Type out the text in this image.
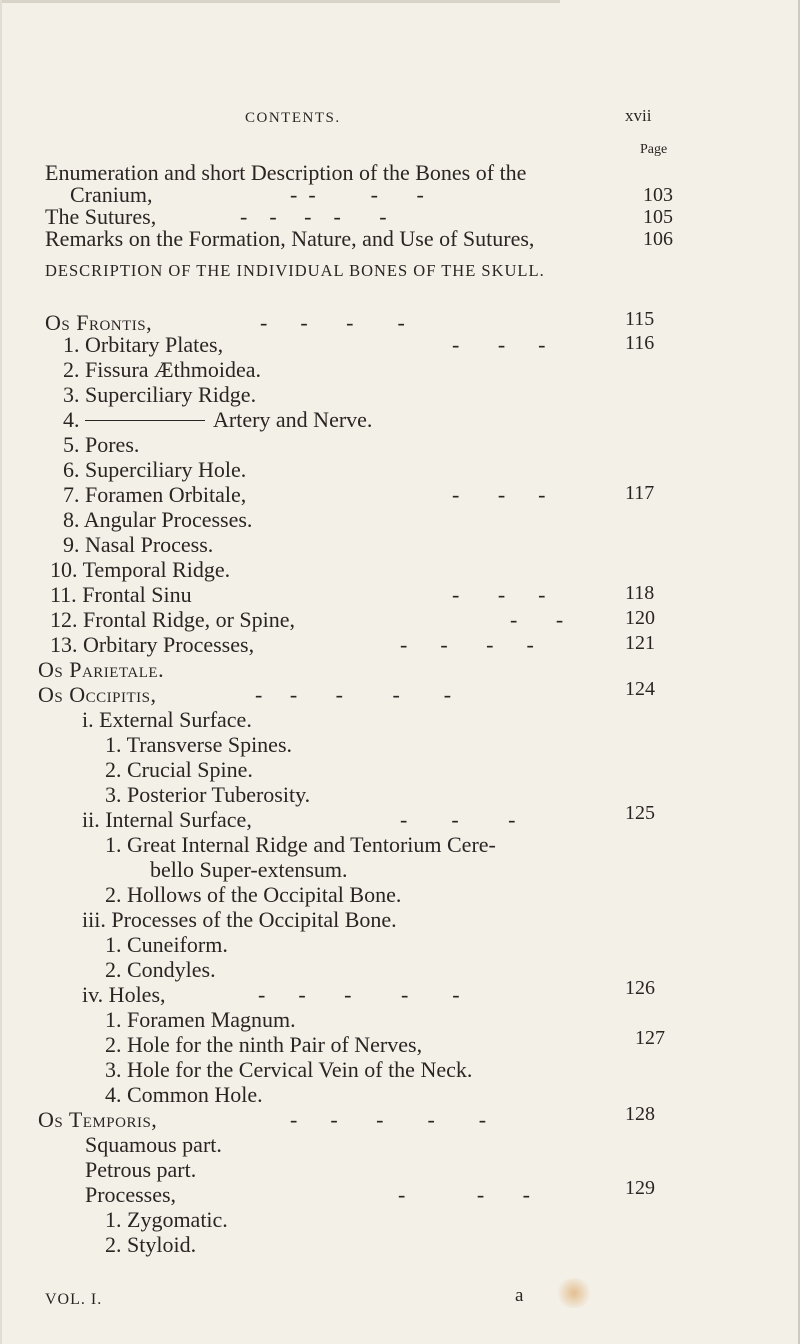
CONTENTS.	xvii
Page
Enumeration and short Description of the Bones of the
Cranium,	-  -          -       -	103
The Sutures,	-    -     -    -       -	105
Remarks on the Formation, Nature, and Use of Sutures,	106
DESCRIPTION OF THE INDIVIDUAL BONES OF THE SKULL.
Os Frontis,	-      -       -        -	115
1. Orbitary Plates,	-       -      -	116
2. Fissura Æthmoidea.
3. Superciliary Ridge.
4.	Artery and Nerve.
5. Pores.
6. Superciliary Hole.
7. Foramen Orbitale,	-       -      -	117
8. Angular Processes.
9. Nasal Process.
10. Temporal Ridge.
11. Frontal Sinu	-       -      -	118
12. Frontal Ridge, or Spine,	-       -	120
13. Orbitary Processes,	-      -       -      -	121
Os Parietale.
Os Occipitis,	-     -       -         -        -	124
i. External Surface.
1. Transverse Spines.
2. Crucial Spine.
3. Posterior Tuberosity.
ii. Internal Surface,	-        -         -	125
1. Great Internal Ridge and Tentorium Cere-
bello Super-extensum.
2. Hollows of the Occipital Bone.
iii. Processes of the Occipital Bone.
1. Cuneiform.
2. Condyles.
iv. Holes,	-      -       -         -        -	126
1. Foramen Magnum.
2. Hole for the ninth Pair of Nerves,	127
3. Hole for the Cervical Vein of the Neck.
4. Common Hole.
Os Temporis,	-      -       -        -        -	128
Squamous part.
Petrous part.
Processes,	-             -       -	129
1. Zygomatic.
2. Styloid.
VOL. I.	a
